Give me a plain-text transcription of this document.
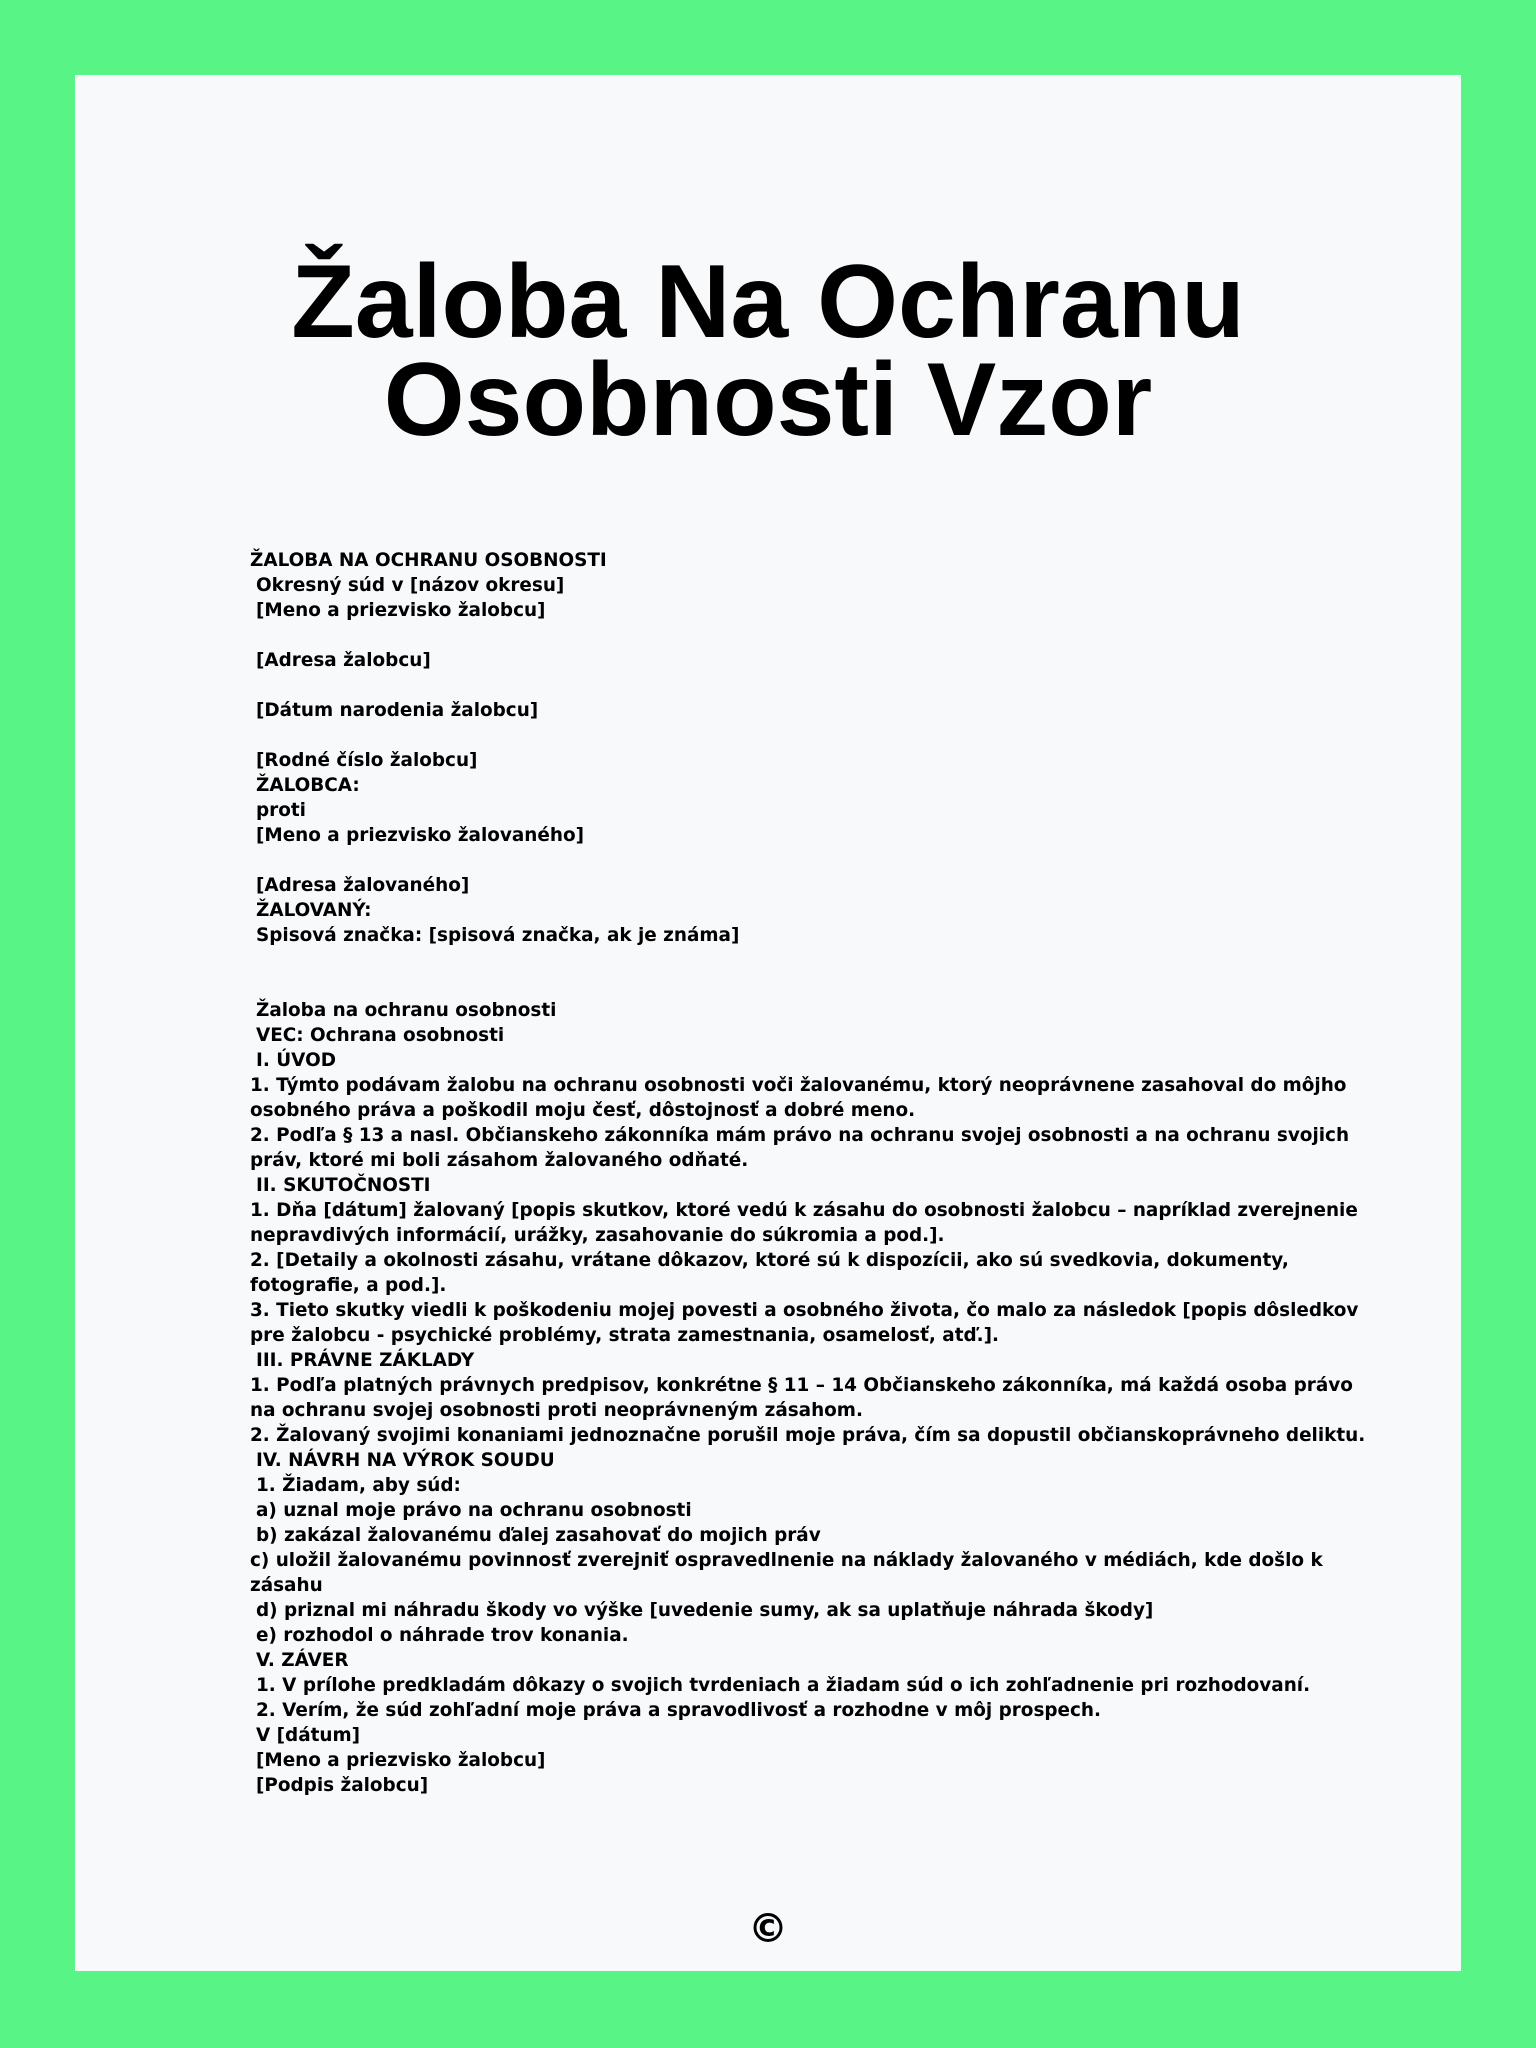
Žaloba Na Ochranu
Osobnosti Vzor
ŽALOBA NA OCHRANU OSOBNOSTI
Okresný súd v [názov okresu]
[Meno a priezvisko žalobcu]
[Adresa žalobcu]
[Dátum narodenia žalobcu]
[Rodné číslo žalobcu]
ŽALOBCA:
proti
[Meno a priezvisko žalovaného]
[Adresa žalovaného]
ŽALOVANÝ:
Spisová značka: [spisová značka, ak je známa]
Žaloba na ochranu osobnosti
VEC: Ochrana osobnosti
I. ÚVOD
1. Týmto podávam žalobu na ochranu osobnosti voči žalovanému, ktorý neoprávnene zasahoval do môjho
osobného práva a poškodil moju česť, dôstojnosť a dobré meno.
2. Podľa § 13 a nasl. Občianskeho zákonníka mám právo na ochranu svojej osobnosti a na ochranu svojich
práv, ktoré mi boli zásahom žalovaného odňaté.
II. SKUTOČNOSTI
1. Dňa [dátum] žalovaný [popis skutkov, ktoré vedú k zásahu do osobnosti žalobcu – napríklad zverejnenie
nepravdivých informácií, urážky, zasahovanie do súkromia a pod.].
2. [Detaily a okolnosti zásahu, vrátane dôkazov, ktoré sú k dispozícii, ako sú svedkovia, dokumenty,
fotografie, a pod.].
3. Tieto skutky viedli k poškodeniu mojej povesti a osobného života, čo malo za následok [popis dôsledkov
pre žalobcu - psychické problémy, strata zamestnania, osamelosť, atď.].
III. PRÁVNE ZÁKLADY
1. Podľa platných právnych predpisov, konkrétne § 11 – 14 Občianskeho zákonníka, má každá osoba právo
na ochranu svojej osobnosti proti neoprávneným zásahom.
2. Žalovaný svojimi konaniami jednoznačne porušil moje práva, čím sa dopustil občianskoprávneho deliktu.
IV. NÁVRH NA VÝROK SOUDU
1. Žiadam, aby súd:
a) uznal moje právo na ochranu osobnosti
b) zakázal žalovanému ďalej zasahovať do mojich práv
c) uložil žalovanému povinnosť zverejniť ospravedlnenie na náklady žalovaného v médiách, kde došlo k
zásahu
d) priznal mi náhradu škody vo výške [uvedenie sumy, ak sa uplatňuje náhrada škody]
e) rozhodol o náhrade trov konania.
V. ZÁVER
1. V prílohe predkladám dôkazy o svojich tvrdeniach a žiadam súd o ich zohľadnenie pri rozhodovaní.
2. Verím, že súd zohľadní moje práva a spravodlivosť a rozhodne v môj prospech.
V [dátum]
[Meno a priezvisko žalobcu]
[Podpis žalobcu]
©
